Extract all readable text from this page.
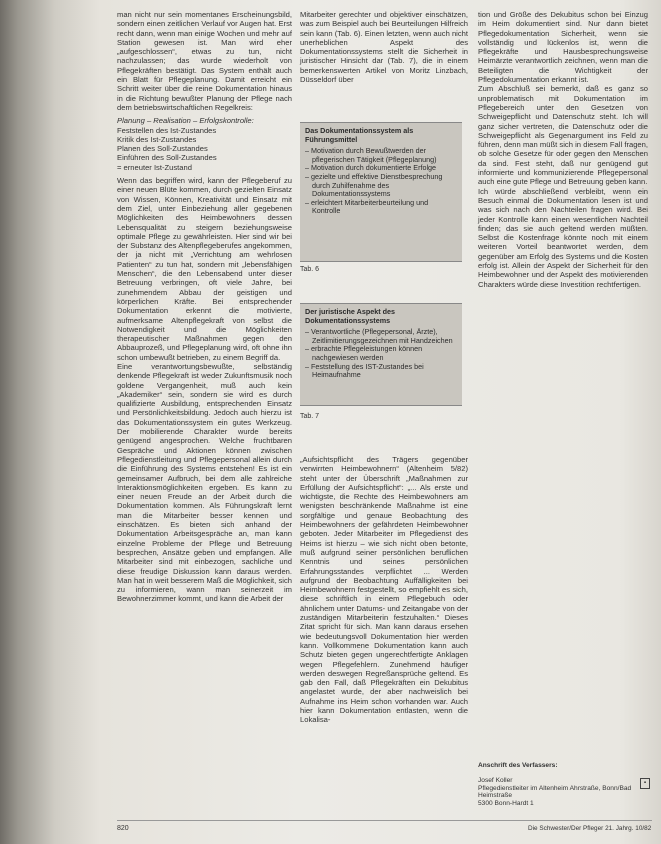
man nicht nur sein momentanes Erscheinungsbild, sondern einen zeitlichen Verlauf vor Augen hat. Erst recht dann, wenn man einige Wochen und mehr auf Station gewesen ist. Man wird eher „aufgeschlossen“, etwas zu tun, nicht nachzulassen; das wurde wiederholt von Pflegekräften bestätigt. Das System enthält auch ein Blatt für Pflegeplanung. Damit erreicht ein Schritt weiter über die reine Dokumentation hinaus in die Richtung bewußter Planung der Pflege nach dem betriebswirtschaftlichen Regelkreis:

Planung – Realisation – Erfolgskontrolle:

Feststellen des Ist-Zustandes

Kritik des Ist-Zustandes

Planen des Soll-Zustandes

Einführen des Soll-Zustandes

= erneuter Ist-Zustand

Wenn das begriffen wird, kann der Pflegeberuf zu einer neuen Blüte kommen, durch gezielten Einsatz von Wissen, Können, Kreativität und Einsatz mit dem Ziel, unter Einbeziehung aller gegebenen Möglichkeiten des Heimbewohners dessen Lebensqualität zu steigern beziehungsweise optimale Pflege zu gewährleisten. Hier sind wir bei der Substanz des Altenpflegeberufes angekommen, der ja nicht mit „Verrichtung am wehrlosen Patienten“ zu tun hat, sondern mit „lebensfähigen Menschen“, die den Lebensabend unter dieser Betreuung verbringen, oft viele Jahre, bei zunehmendem Abbau der geistigen und körperlichen Kräfte. Bei entsprechender Dokumentation erkennt die motivierte, aufmerksame Altenpflegekraft von selbst die Notwendigkeit und die Möglichkeiten therapeutischer Maßnahmen gegen den Abbauprozeß, und Pflegeplanung wird, oft ohne ihn schon umbewußt betrieben, zu einem Begriff da.

Eine verantwortungsbewußte, selbständig denkende Pflegekraft ist weder Zukunftsmusik noch goldene Vergangenheit, muß auch kein „Akademiker“ sein, sondern sie wird es durch qualifizierte Ausbildung, entsprechenden Einsatz und Persönlichkeitsbildung. Jedoch auch hierzu ist das Dokumentationssystem ein gutes Werkzeug. Der mobilierende Charakter wurde bereits genügend angesprochen. Welche fruchtbaren Gespräche und Aktionen können zwischen Pflegedienstleitung und Pflegepersonal allein durch die Einführung des Systems entstehen! Es ist ein gemeinsamer Aufbruch, bei dem alle zahlreiche Interaktionsmöglichkeiten ergeben. Es kann zu einer neuen Freude an der Arbeit durch die Dokumentation kommen. Als Führungskraft lernt man die Mitarbeiter besser kennen und einschätzen. Es bieten sich anhand der Dokumentation Arbeitsgespräche an, man kann einzelne Probleme der Pflege und Betreuung besprechen, Ansätze geben und empfangen. Alle Mitarbeiter sind mit einbezogen, sachliche und diese freudige Diskussion kann daraus werden. Man hat in weit besserem Maß die Möglichkeit, sich zu informieren, wann man seinerzeit im Bewohnerzimmer kommt, und kann die Arbeit der

Mitarbeiter gerechter und objektiver einschätzen, was zum Beispiel auch bei Beurteilungen Hilfreich sein kann (Tab. 6). Einen letzten, wenn auch nicht unerheblichen Aspekt des Dokumentationssystems stellt die Sicherheit in juristischer Hinsicht dar (Tab. 7), die in einem bemerkenswerten Artikel von Moritz Linzbach, Düsseldorf über

Das Dokumentationssystem als Führungsmittel
– Motivation durch Bewußtwerden der pflegerischen Tätigkeit (Pflegeplanung)
– Motivation durch dokumentierte Erfolge
– gezielte und effektive Dienstbesprechung durch Zuhilfenahme des Dokumentationssystems
– erleichtert Mitarbeiterbeurteilung und Kontrolle
Tab. 6
Der juristische Aspekt des Dokumentationssystems
– Verantwortliche (Pflegepersonal, Ärzte), Zeitlimitierungsgezeichnen mit Handzeichen
– erbrachte Pflegeleistungen können nachgewiesen werden
– Feststellung des IST-Zustandes bei Heimaufnahme
Tab. 7

„Aufsichtspflicht des Trägers gegenüber verwirrten Heimbewohnern“ (Altenheim 5/82) steht unter der Überschrift „Maßnahmen zur Erfüllung der Aufsichtspflicht“: „... Als erste und wichtigste, die Rechte des Heimbewohners am wenigsten beschränkende Maßnahme ist eine sorgfältige und genaue Beobachtung des Heimbewohners der gefährdeten Heimbewohner geboten. Jeder Mitarbeiter im Pflegedienst des Heims ist hierzu – wie sich nicht oben betonte, muß aufgrund seiner persönlichen beruflichen Kenntnis und seines persönlichen Erfahrungsstandes verpflichtet ... Werden aufgrund der Beobachtung Auffälligkeiten bei Heimbewohnern festgestellt, so empfiehlt es sich, diese schriftlich in einem Pflegebuch oder ähnlichem unter Datums- und Zeitangabe von der zuständigen Mitarbeiterin festzuhalten.“ Dieses Zitat spricht für sich. Man kann daraus ersehen wie bedeutungsvoll Dokumentation hier werden kann. Vollkommene Dokumentation kann auch Schutz bieten gegen ungerechtfertigte Anklagen wegen Pflegefehlern. Zunehmend häufiger werden deswegen Regreßansprüche geltend. Es gab den Fall, daß Pflegekräften ein Dekubitus angelastet wurde, der aber nachweislich bei Aufnahme ins Heim schon vorhanden war. Auch hier kann Dokumentation entlasten, wenn die Lokalisa-

tion und Größe des Dekubitus schon bei Einzug im Heim dokumentiert sind. Nur dann bietet Pflegedokumentation Sicherheit, wenn sie vollständig und lückenlos ist, wenn die Pflegekräfte und Hausbesprechungsweise Heimärzte verantwortlich zeichnen, wenn man die Beteiligten die Wichtigkeit der Pflegedokumentation erkannt ist.
Zum Abschluß sei bemerkt, daß es ganz so unproblematisch mit Dokumentation im Pflegebereich unter den Gesetzen von Schweigepflicht und Datenschutz steht. Ich will ganz sicher vertreten, die Datenschutz oder die Schweigepflicht als Gegenargument ins Feld zu führen, denn man müßt sich in diesem Fall fragen, ob solche Gesetze für oder gegen den Menschen da sind. Fest steht, daß nur genügend gut informierte und kommunizierende Pflegepersonal auch eine gute Pflege und Betreuung geben kann.
Ich würde abschließend verbleibt, wenn ein Besuch einmal die Dokumentation lesen ist und was sich nach den Nachteilen fragen wird. Bei jeder Kontrolle kann einen wesentlichen Nachteil finden; das sie auch geltend werden müßten. Selbst die Kostenfrage könnte noch mit einem weiteren Vorteil beantwortet werden, dem gegenüber am Erfolg des Systems und die Kosten erfolg ist. Allein der Aspekt der Sicherheit für den Heimbewohner und der Aspekt des motivierenden Charakters würde diese Investition rechtfertigen.

Anschrift des Verfassers:
Josef Koller
Pflegedienstleiter im Altenheim Ahrstraße, Bonn/Bad
Heimstraße
5300 Bonn-Hardt 1
▪
820	Die Schwester/Der Pfleger 21. Jahrg. 10/82
